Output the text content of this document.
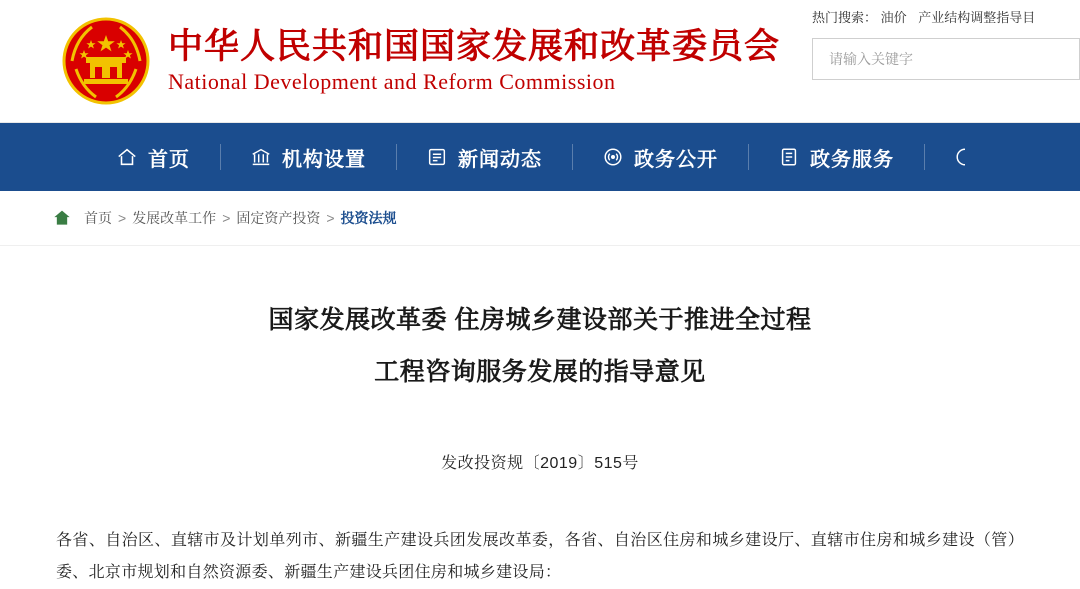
中华人民共和国国家发展和改革委员会
National Development and Reform Commission
热门搜索： 油价 产业结构调整指导目
请输入关键字
首页	机构设置	新闻动态	政务公开	政务服务
首页 > 发展改革工作 > 固定资产投资 > 投资法规
国家发展改革委 住房城乡建设部关于推进全过程
工程咨询服务发展的指导意见
发改投资规〔2019〕515号
各省、自治区、直辖市及计划单列市、新疆生产建设兵团发展改革委，各省、自治区住房和城乡建设厅、直辖市住房和城乡建设（管）委、北京市规划和自然资源委、新疆生产建设兵团住房和城乡建设局：
